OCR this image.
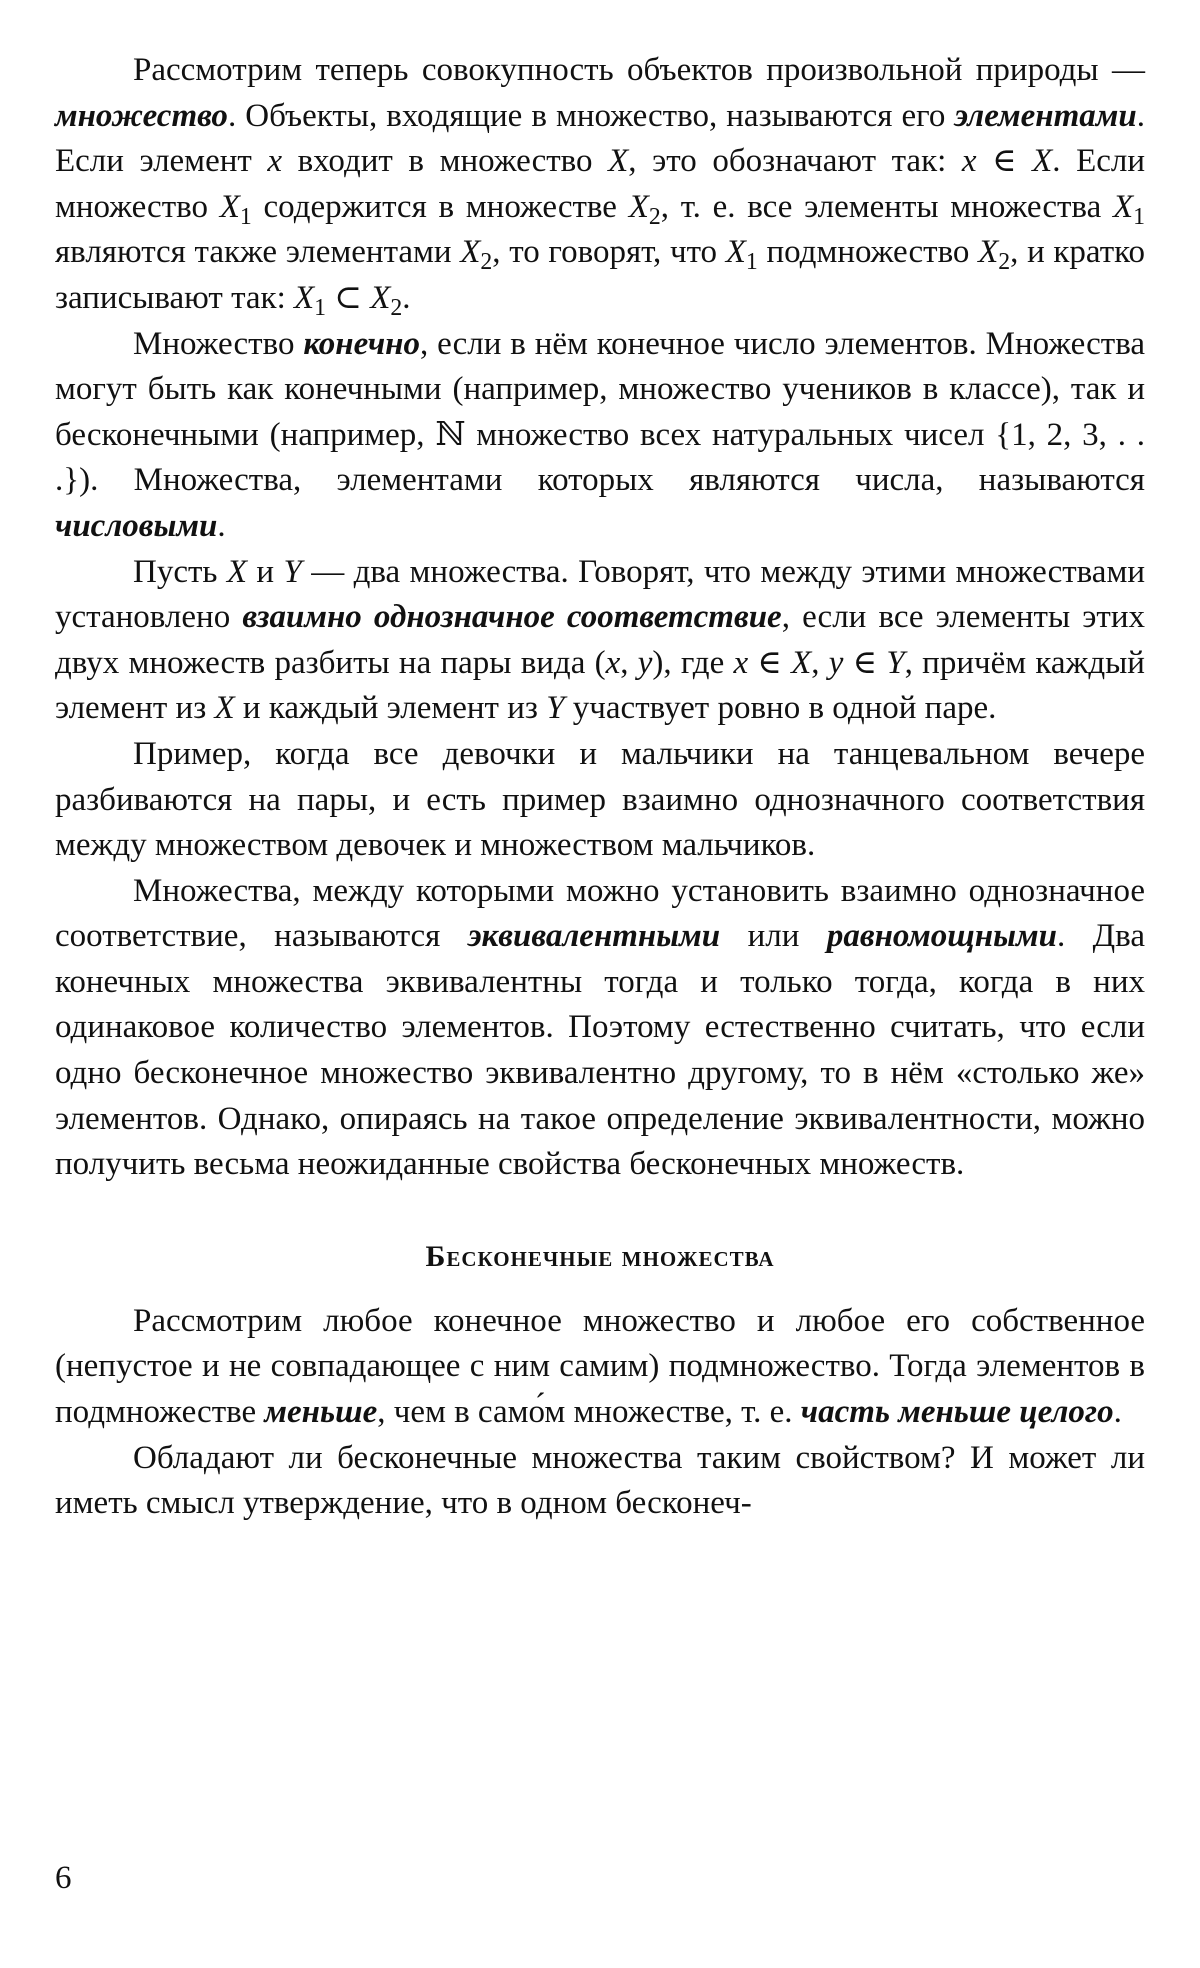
Рассмотрим теперь совокупность объектов произвольной природы — множество. Объекты, входящие в множество, называются его элементами. Если элемент x входит в множество X, это обозначают так: x ∈ X. Если множество $X_1$ содержится в множестве $X_2$, т. е. все элементы множества $X_1$ являются также элементами $X_2$, то говорят, что $X_1$ подмножество $X_2$, и кратко записывают так: $X_1$ ⊂ $X_2$.

Множество конечно, если в нём конечное число элементов. Множества могут быть как конечными (например, множество учеников в классе), так и бесконечными (например, ℕ множество всех натуральных чисел {1, 2, 3, . . .}). Множества, элементами которых являются числа, называются числовыми.

Пусть X и Y — два множества. Говорят, что между этими множествами установлено взаимно однозначное соответствие, если все элементы этих двух множеств разбиты на пары вида (x, y), где x ∈ X, y ∈ Y, причём каждый элемент из X и каждый элемент из Y участвует ровно в одной паре.

Пример, когда все девочки и мальчики на танцевальном вечере разбиваются на пары, и есть пример взаимно однозначного соответствия между множеством девочек и множеством мальчиков.

Множества, между которыми можно установить взаимно однозначное соответствие, называются эквивалентными или равномощными. Два конечных множества эквивалентны тогда и только тогда, когда в них одинаковое количество элементов. Поэтому естественно считать, что если одно бесконечное множество эквивалентно другому, то в нём «столько же» элементов. Однако, опираясь на такое определение эквивалентности, можно получить весьма неожиданные свойства бесконечных множеств.

Бесконечные множества

Рассмотрим любое конечное множество и любое его собственное (непустое и не совпадающее с ним самим) подмножество. Тогда элементов в подмножестве меньше, чем в само́м множестве, т. е. часть меньше целого.

Обладают ли бесконечные множества таким свойством? И может ли иметь смысл утверждение, что в одном бесконеч-

6
